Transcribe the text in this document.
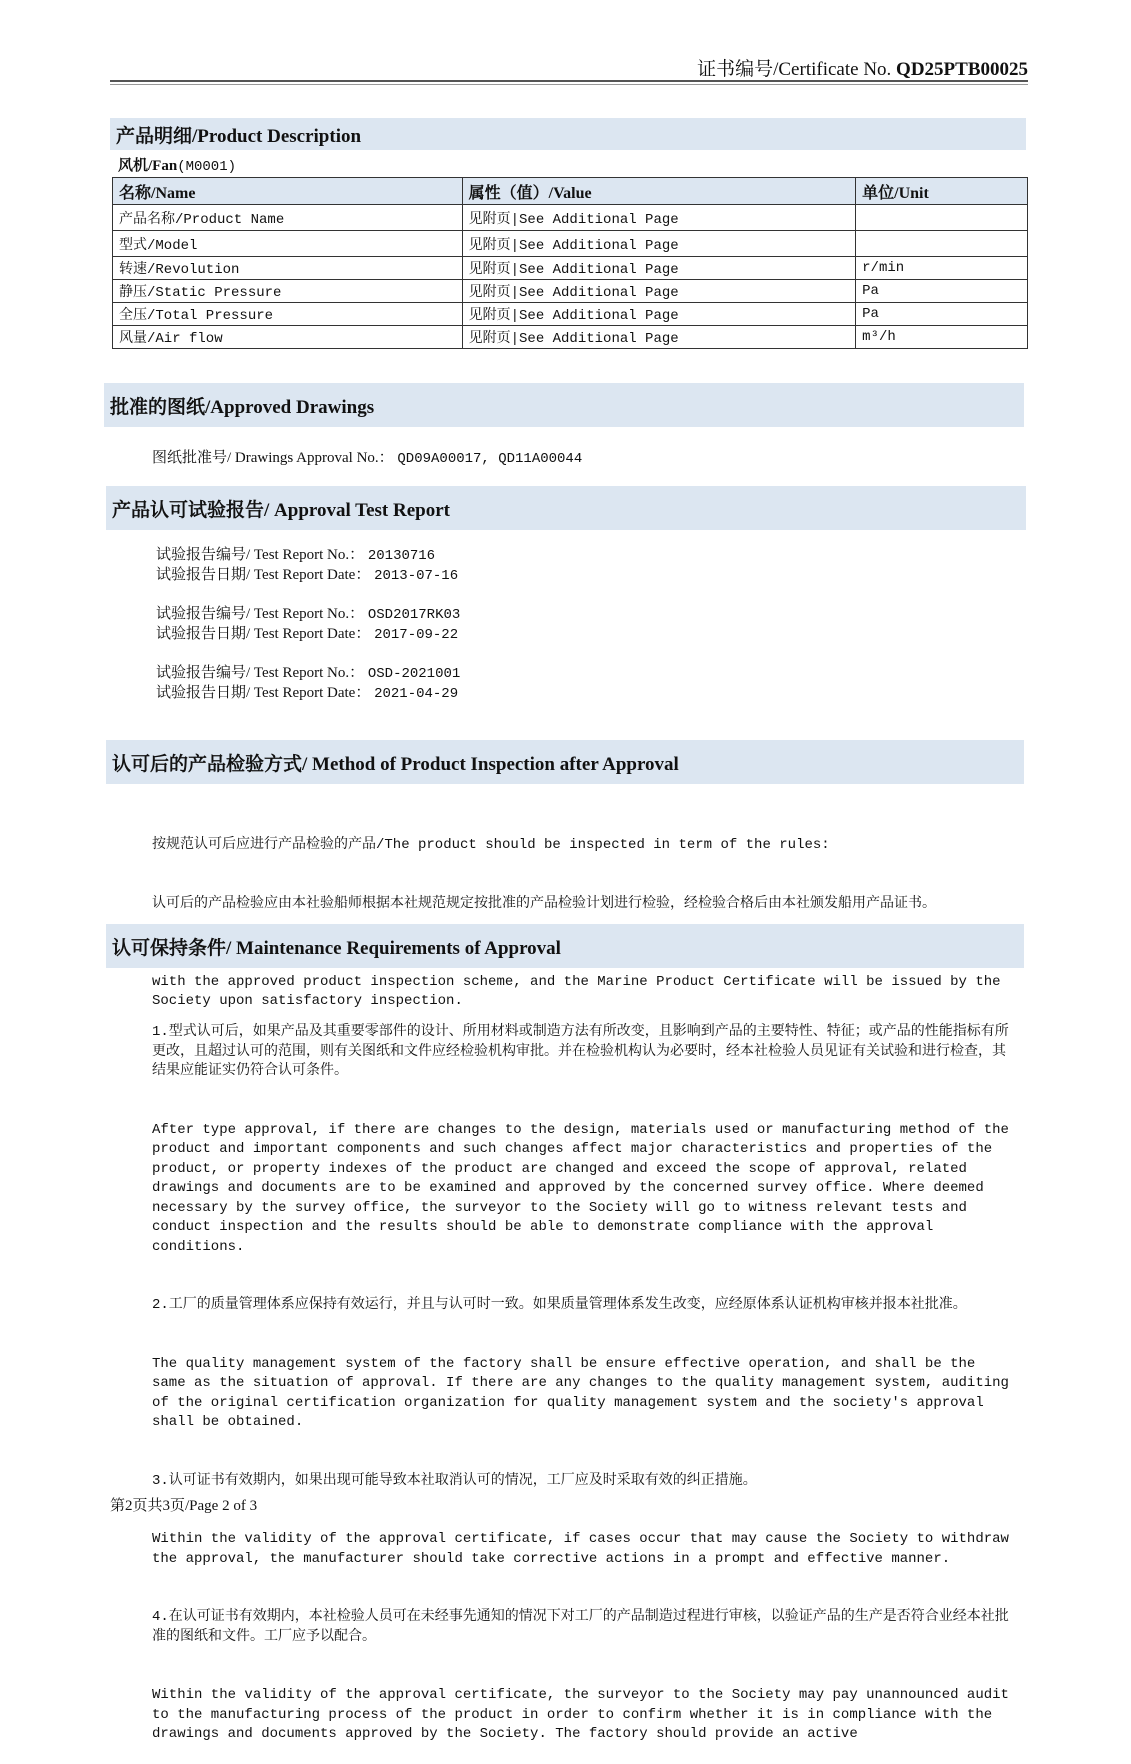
证书编号/Certificate No. QD25PTB00025
产品明细/Product Description
风机/Fan(M0001)
名称/Name	属性（值）/Value	单位/Unit
产品名称/Product Name	见附页|See Additional Page	
型式/Model	见附页|See Additional Page	
转速/Revolution	见附页|See Additional Page	r/min
静压/Static Pressure	见附页|See Additional Page	Pa
全压/Total Pressure	见附页|See Additional Page	Pa
风量/Air flow	见附页|See Additional Page	m³/h
批准的图纸/Approved Drawings
图纸批准号/ Drawings Approval No.： QD09A00017, QD11A00044
产品认可试验报告/ Approval Test Report
试验报告编号/ Test Report No.： 20130716
试验报告日期/ Test Report Date： 2013-07-16
试验报告编号/ Test Report No.： OSD2017RK03
试验报告日期/ Test Report Date： 2017-09-22
试验报告编号/ Test Report No.： OSD-2021001
试验报告日期/ Test Report Date： 2021-04-29
认可后的产品检验方式/ Method of Product Inspection after Approval

按规范认可后应进行产品检验的产品/The product should be inspected in term of the rules:

认可后的产品检验应由本社验船师根据本社规范规定按批准的产品检验计划进行检验，经检验合格后由本社颁发船用产品证书。

with the approved product inspection scheme, and the Marine Product Certificate will be issued by the Society upon satisfactory inspection.

认可保持条件/ Maintenance Requirements of Approval

1.型式认可后，如果产品及其重要零部件的设计、所用材料或制造方法有所改变，且影响到产品的主要特性、特征；或产品的性能指标有所更改，且超过认可的范围，则有关图纸和文件应经检验机构审批。并在检验机构认为必要时，经本社检验人员见证有关试验和进行检查，其结果应能证实仍符合认可条件。

After type approval, if there are changes to the design, materials used or manufacturing method of the product and important components and such changes affect major characteristics and properties of the product, or property indexes of the product are changed and exceed the scope of approval, related drawings and documents are to be examined and approved by the concerned survey office. Where deemed necessary by the survey office, the surveyor to the Society will go to witness relevant tests and conduct inspection and the results should be able to demonstrate compliance with the approval conditions.

2.工厂的质量管理体系应保持有效运行，并且与认可时一致。如果质量管理体系发生改变，应经原体系认证机构审核并报本社批准。

The quality management system of the factory shall be ensure effective operation, and shall be the same as the situation of approval. If there are any changes to the quality management system, auditing of the original certification organization for quality management system and the society's approval shall be obtained.

3.认可证书有效期内，如果出现可能导致本社取消认可的情况，工厂应及时采取有效的纠正措施。

Within the validity of the approval certificate, if cases occur that may cause the Society to withdraw the approval, the manufacturer should take corrective actions in a prompt and effective manner.

4.在认可证书有效期内，本社检验人员可在未经事先通知的情况下对工厂的产品制造过程进行审核，以验证产品的生产是否符合业经本社批准的图纸和文件。工厂应予以配合。

Within the validity of the approval certificate, the surveyor to the Society may pay unannounced audit to the manufacturing process of the product in order to confirm whether it is in compliance with the drawings and documents approved by the Society. The factory should provide an active

第2页共3页/Page 2 of 3
